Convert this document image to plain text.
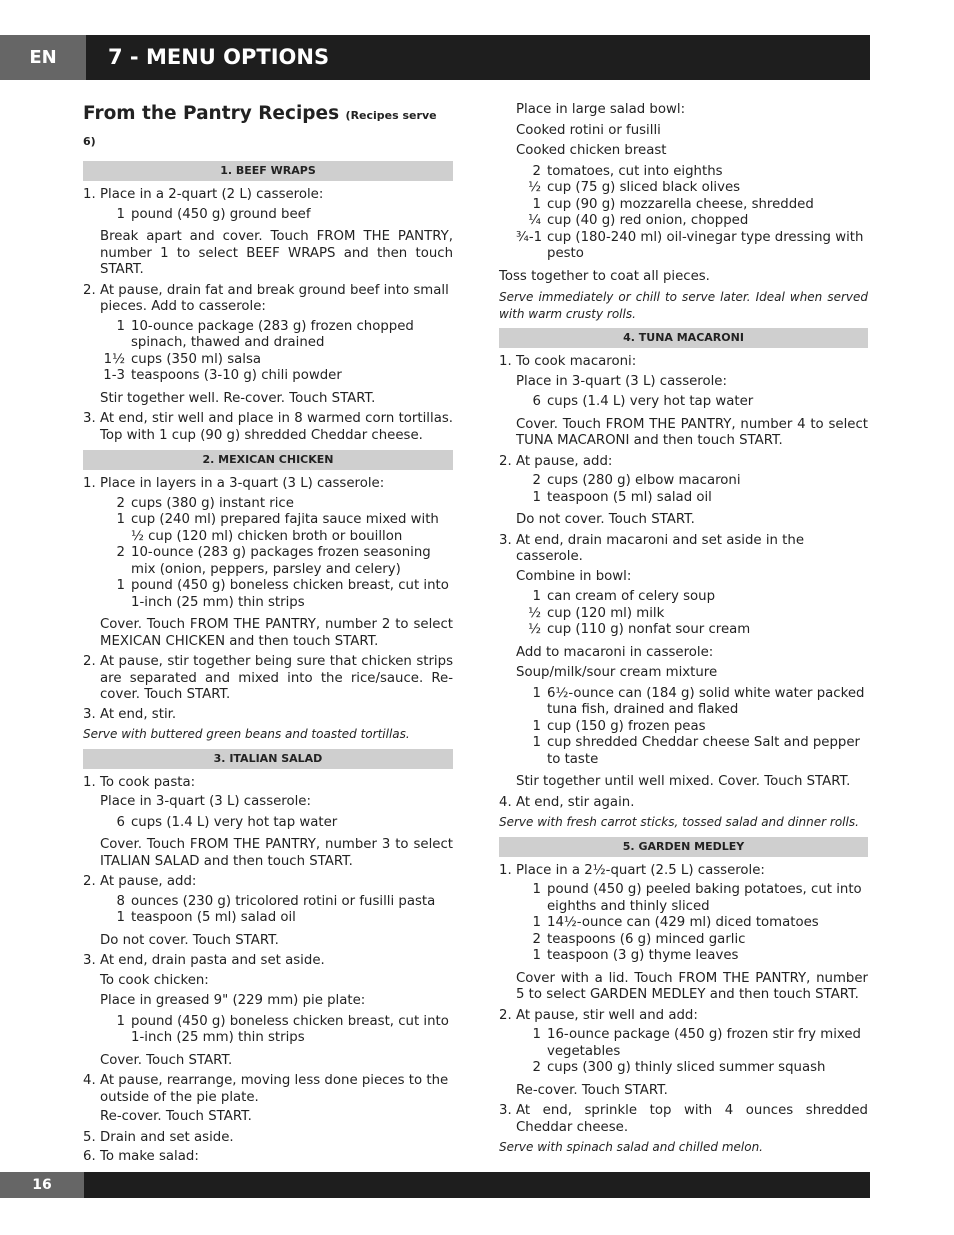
EN	7 - MENU OPTIONS
From the Pantry Recipes (Recipes serve 6)
1. BEEF WRAPS
1. Place in a 2-quart (2 L) casserole:
1 pound (450 g) ground beef
Break apart and cover. Touch FROM THE PANTRY, number 1 to select BEEF WRAPS and then touch START.
2. At pause, drain fat and break ground beef into small pieces. Add to casserole:
1 10-ounce package (283 g) frozen chopped spinach, thawed and drained
1½ cups (350 ml) salsa
1-3 teaspoons (3-10 g) chili powder
Stir together well. Re-cover. Touch START.
3. At end, stir well and place in 8 warmed corn tortillas. Top with 1 cup (90 g) shredded Cheddar cheese.
2. MEXICAN CHICKEN
1. Place in layers in a 3-quart (3 L) casserole:
2 cups (380 g) instant rice
1 cup (240 ml) prepared fajita sauce mixed with ½ cup (120 ml) chicken broth or bouillon
2 10-ounce (283 g) packages frozen seasoning mix (onion, peppers, parsley and celery)
1 pound (450 g) boneless chicken breast, cut into 1-inch (25 mm) thin strips
Cover. Touch FROM THE PANTRY, number 2 to select MEXICAN CHICKEN and then touch START.
2. At pause, stir together being sure that chicken strips are separated and mixed into the rice/sauce. Re-cover. Touch START.
3. At end, stir.
Serve with buttered green beans and toasted tortillas.
3. ITALIAN SALAD
1. To cook pasta:
Place in 3-quart (3 L) casserole:
6 cups (1.4 L) very hot tap water
Cover. Touch FROM THE PANTRY, number 3 to select ITALIAN SALAD and then touch START.
2. At pause, add:
8 ounces (230 g) tricolored rotini or fusilli pasta
1 teaspoon (5 ml) salad oil
Do not cover. Touch START.
3. At end, drain pasta and set aside.
To cook chicken:
Place in greased 9" (229 mm) pie plate:
1 pound (450 g) boneless chicken breast, cut into 1-inch (25 mm) thin strips
Cover. Touch START.
4. At pause, rearrange, moving less done pieces to the outside of the pie plate.
Re-cover. Touch START.
5. Drain and set aside.
6. To make salad:
Place in large salad bowl:
Cooked rotini or fusilli
Cooked chicken breast
2 tomatoes, cut into eighths
½ cup (75 g) sliced black olives
1 cup (90 g) mozzarella cheese, shredded
¼ cup (40 g) red onion, chopped
¾-1 cup (180-240 ml) oil-vinegar type dressing with pesto
Toss together to coat all pieces.
Serve immediately or chill to serve later. Ideal when served with warm crusty rolls.
4. TUNA MACARONI
1. To cook macaroni:
Place in 3-quart (3 L) casserole:
6 cups (1.4 L) very hot tap water
Cover. Touch FROM THE PANTRY, number 4 to select TUNA MACARONI and then touch START.
2. At pause, add:
2 cups (280 g) elbow macaroni
1 teaspoon (5 ml) salad oil
Do not cover. Touch START.
3. At end, drain macaroni and set aside in the casserole.
Combine in bowl:
1 can cream of celery soup
½ cup (120 ml) milk
½ cup (110 g) nonfat sour cream
Add to macaroni in casserole:
Soup/milk/sour cream mixture
1 6½-ounce can (184 g) solid white water packed tuna fish, drained and flaked
1 cup (150 g) frozen peas
1 cup shredded Cheddar cheese Salt and pepper to taste
Stir together until well mixed. Cover. Touch START.
4. At end, stir again.
Serve with fresh carrot sticks, tossed salad and dinner rolls.
5. GARDEN MEDLEY
1. Place in a 2½-quart (2.5 L) casserole:
1 pound (450 g) peeled baking potatoes, cut into eighths and thinly sliced
1 14½-ounce can (429 ml) diced tomatoes
2 teaspoons (6 g) minced garlic
1 teaspoon (3 g) thyme leaves
Cover with a lid. Touch FROM THE PANTRY, number 5 to select GARDEN MEDLEY and then touch START.
2. At pause, stir well and add:
1 16-ounce package (450 g) frozen stir fry mixed vegetables
2 cups (300 g) thinly sliced summer squash
Re-cover. Touch START.
3. At end, sprinkle top with 4 ounces shredded Cheddar cheese.
Serve with spinach salad and chilled melon.
16
